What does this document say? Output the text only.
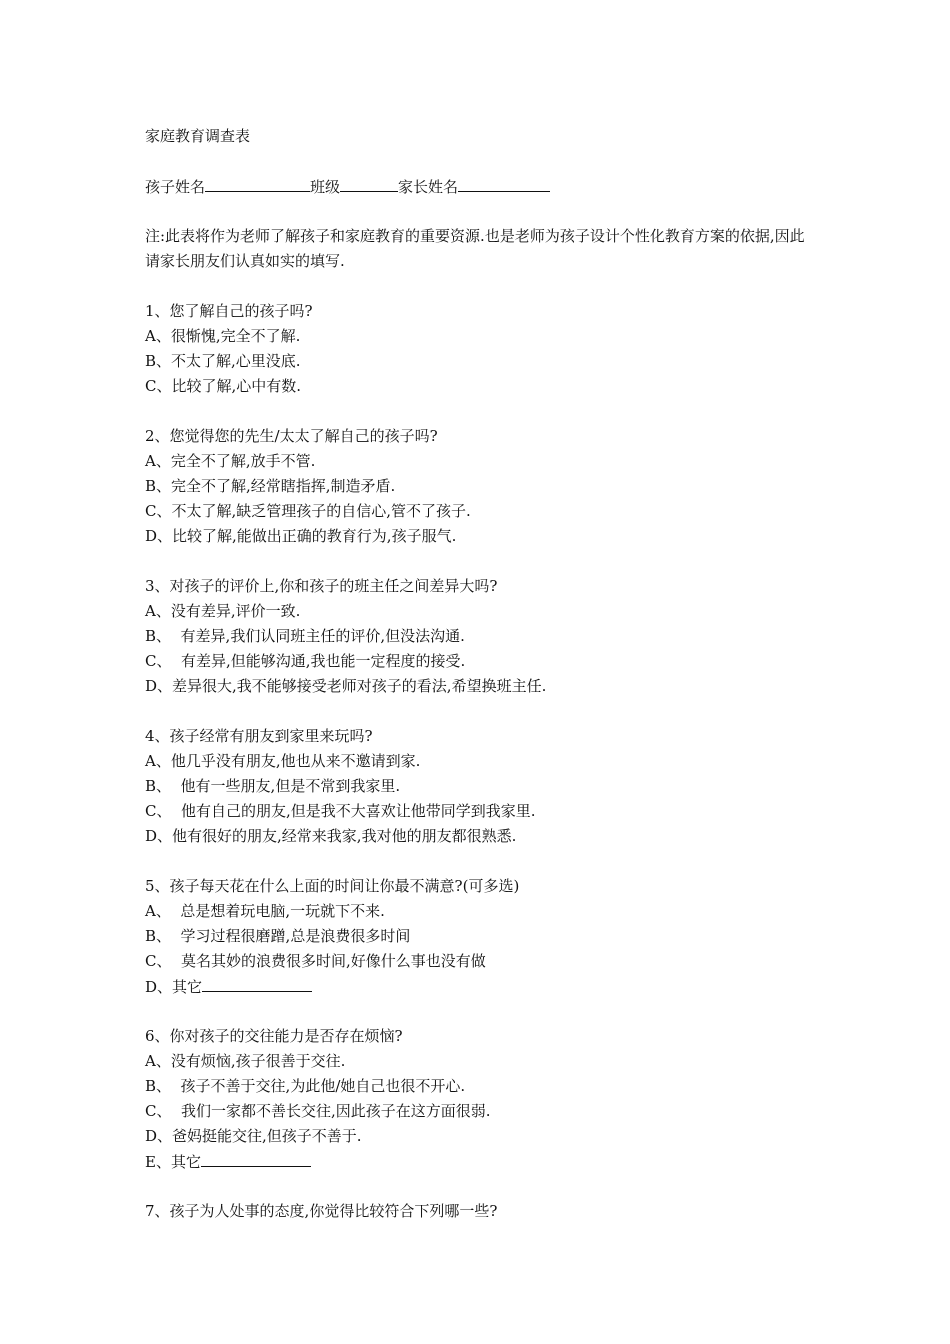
家庭教育调查表
孩子姓名	班级	家长姓名
注:此表将作为老师了解孩子和家庭教育的重要资源.也是老师为孩子设计个性化教育方案的依据,因此请家长朋友们认真如实的填写.
1、您了解自己的孩子吗?
A、很惭愧,完全不了解.
B、不太了解,心里没底.
C、比较了解,心中有数.
2、您觉得您的先生/太太了解自己的孩子吗?
A、完全不了解,放手不管.
B、完全不了解,经常瞎指挥,制造矛盾.
C、不太了解,缺乏管理孩子的自信心,管不了孩子.
D、比较了解,能做出正确的教育行为,孩子服气.
3、对孩子的评价上,你和孩子的班主任之间差异大吗?
A、没有差异,评价一致.
B、  有差异,我们认同班主任的评价,但没法沟通.
C、  有差异,但能够沟通,我也能一定程度的接受.
D、差异很大,我不能够接受老师对孩子的看法,希望换班主任.
4、孩子经常有朋友到家里来玩吗?
A、他几乎没有朋友,他也从来不邀请到家.
B、  他有一些朋友,但是不常到我家里.
C、  他有自己的朋友,但是我不大喜欢让他带同学到我家里.
D、他有很好的朋友,经常来我家,我对他的朋友都很熟悉.
5、孩子每天花在什么上面的时间让你最不满意?(可多选)
A、  总是想着玩电脑,一玩就下不来.
B、  学习过程很磨蹭,总是浪费很多时间
C、  莫名其妙的浪费很多时间,好像什么事也没有做
D、其它
6、你对孩子的交往能力是否存在烦恼?
A、没有烦恼,孩子很善于交往.
B、  孩子不善于交往,为此他/她自己也很不开心.
C、  我们一家都不善长交往,因此孩子在这方面很弱.
D、爸妈挺能交往,但孩子不善于.
E、其它
7、孩子为人处事的态度,你觉得比较符合下列哪一些?
